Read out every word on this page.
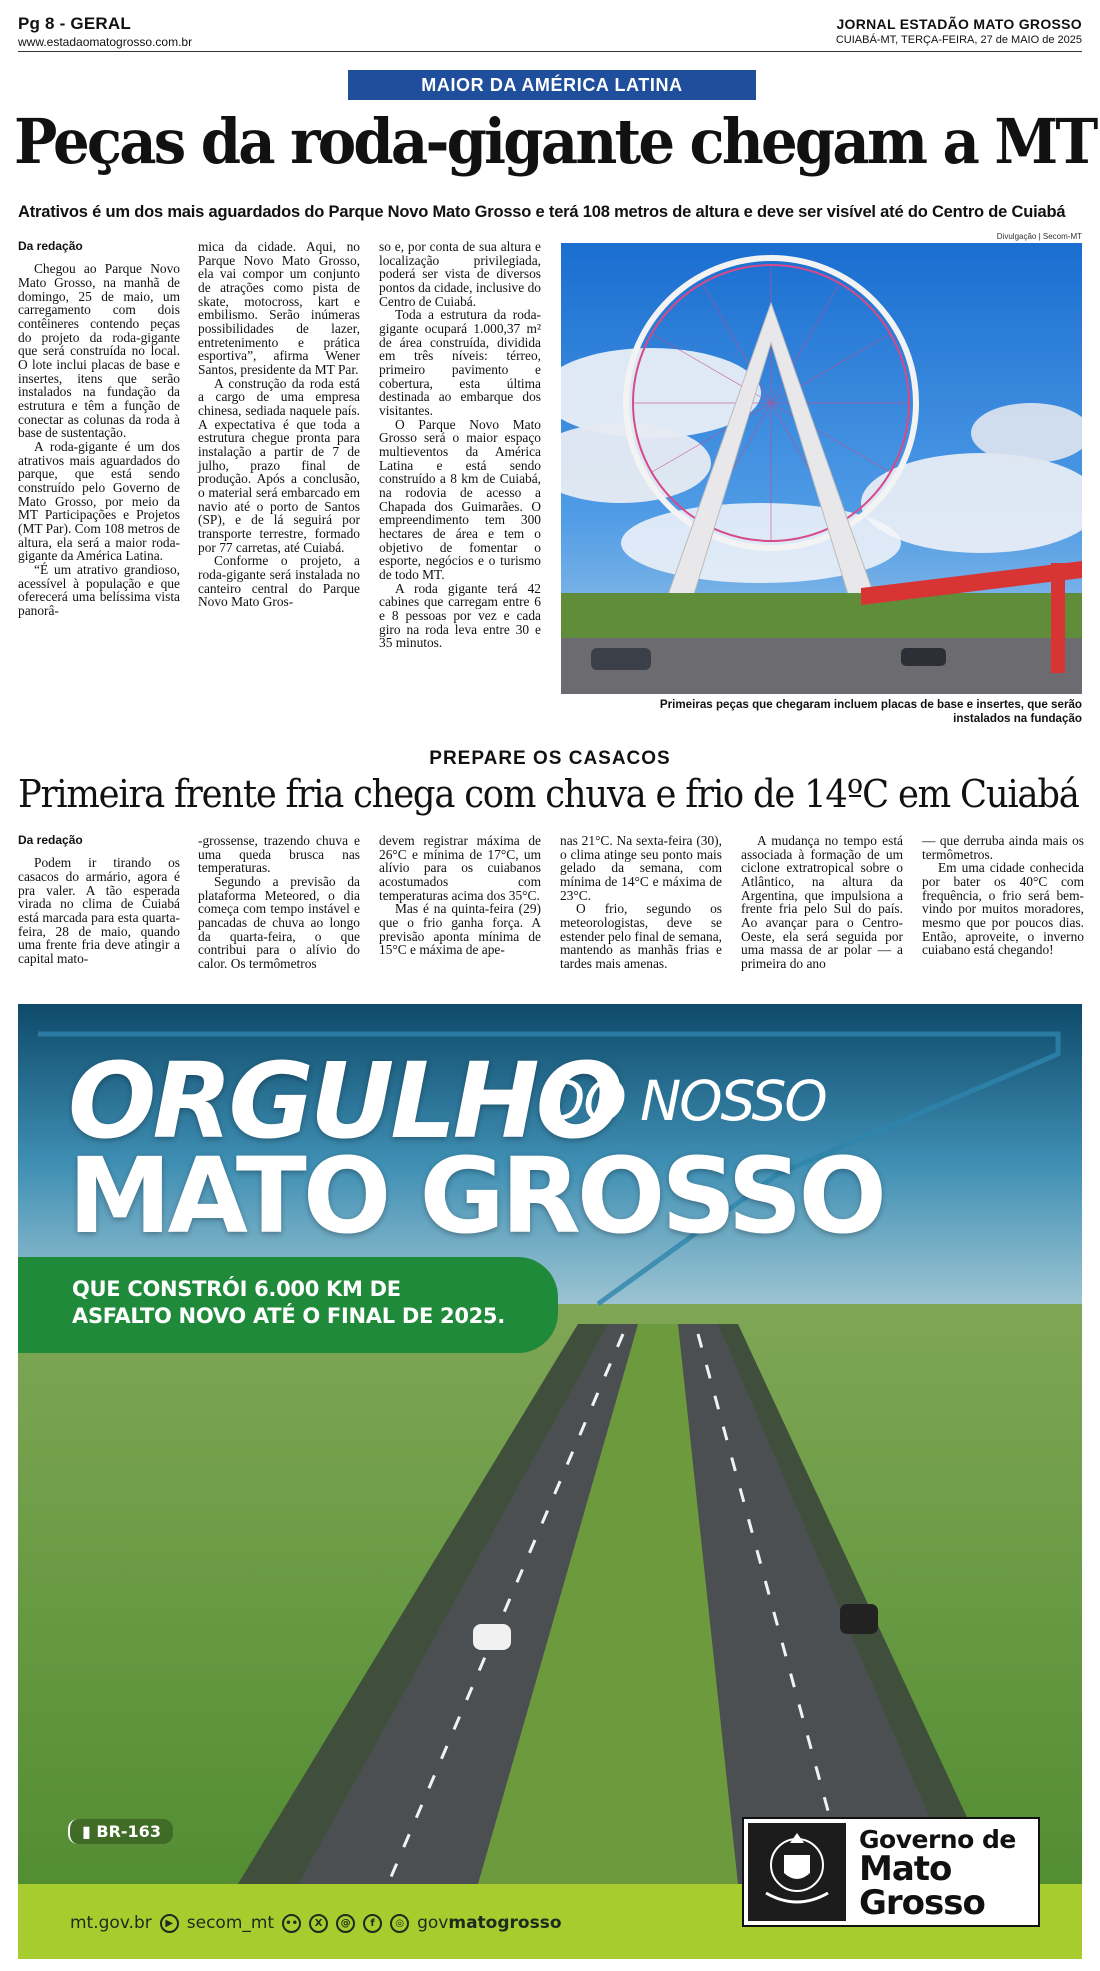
Pg 8 - GERAL
www.estadaomatogrosso.com.br
JORNAL ESTADÃO MATO GROSSO
CUIABÁ-MT, TERÇA-FEIRA, 27 de MAIO de 2025
MAIOR DA AMÉRICA LATINA
Peças da roda-gigante chegam a MT
Atrativos é um dos mais aguardados do Parque Novo Mato Grosso e terá 108 metros de altura e deve ser visível até do Centro de Cuiabá
Da redação

Chegou ao Parque Novo Mato Grosso, na manhã de domingo, 25 de maio, um carregamento com dois contêineres contendo peças do projeto da roda-gigante que será construída no local. O lote inclui placas de base e insertes, itens que serão instalados na fundação da estrutura e têm a função de conectar as colunas da roda à base de sustentação.

A roda-gigante é um dos atrativos mais aguardados do parque, que está sendo construído pelo Governo de Mato Grosso, por meio da MT Participações e Projetos (MT Par). Com 108 metros de altura, ela será a maior roda-gigante da América Latina.

“É um atrativo grandioso, acessível à população e que oferecerá uma belíssima vista panorâ-

mica da cidade. Aqui, no Parque Novo Mato Grosso, ela vai compor um conjunto de atrações como pista de skate, motocross, kart e embilismo. Serão inúmeras possibilidades de lazer, entretenimento e prática esportiva”, afirma Wener Santos, presidente da MT Par.

A construção da roda está a cargo de uma empresa chinesa, sediada naquele país. A expectativa é que toda a estrutura chegue pronta para instalação a partir de 7 de julho, prazo final de produção. Após a conclusão, o material será embarcado em navio até o porto de Santos (SP), e de lá seguirá por transporte terrestre, formado por 77 carretas, até Cuiabá.

Conforme o projeto, a roda-gigante será instalada no canteiro central do Parque Novo Mato Gros-

so e, por conta de sua altura e localização privilegiada, poderá ser vista de diversos pontos da cidade, inclusive do Centro de Cuiabá.

Toda a estrutura da roda-gigante ocupará 1.000,37 m² de área construída, dividida em três níveis: térreo, primeiro pavimento e cobertura, esta última destinada ao embarque dos visitantes.

O Parque Novo Mato Grosso será o maior espaço multieventos da América Latina e está sendo construído a 8 km de Cuiabá, na rodovia de acesso a Chapada dos Guimarães. O empreendimento tem 300 hectares de área e tem o objetivo de fomentar o esporte, negócios e o turismo de todo MT.

A roda gigante terá 42 cabines que carregam entre 6 e 8 pessoas por vez e cada giro na roda leva entre 30 e 35 minutos.

Divulgação | Secom-MT
Primeiras peças que chegaram incluem placas de base e insertes, que serão instalados na fundação
PREPARE OS CASACOS
Primeira frente fria chega com chuva e frio de 14ºC em Cuiabá
Da redação

Podem ir tirando os casacos do armário, agora é pra valer. A tão esperada virada no clima de Cuiabá está marcada para esta quarta-feira, 28 de maio, quando uma frente fria deve atingir a capital mato-

-grossense, trazendo chuva e uma queda brusca nas temperaturas.

Segundo a previsão da plataforma Meteored, o dia começa com tempo instável e pancadas de chuva ao longo da quarta-feira, o que contribui para o alívio do calor. Os termômetros

devem registrar máxima de 26°C e mínima de 17°C, um alívio para os cuiabanos acostumados com temperaturas acima dos 35°C.

Mas é na quinta-feira (29) que o frio ganha força. A previsão aponta mínima de 15°C e máxima de ape-

nas 21°C. Na sexta-feira (30), o clima atinge seu ponto mais gelado da semana, com mínima de 14°C e máxima de 23°C.

O frio, segundo os meteorologistas, deve se estender pelo final de semana, mantendo as manhãs frias e tardes mais amenas.

A mudança no tempo está associada à formação de um ciclone extratropical sobre o Atlântico, na altura da Argentina, que impulsiona a frente fria pelo Sul do país. Ao avançar para o Centro-Oeste, ela será seguida por uma massa de ar polar — a primeira do ano

— que derruba ainda mais os termômetros.

Em uma cidade conhecida por bater os 40°C com frequência, o frio será bem-vindo por muitos moradores, mesmo que por poucos dias. Então, aproveite, o inverno cuiabano está chegando!

ORGULHO
DO NOSSO
MATO GROSSO
QUE CONSTRÓI 6.000 KM DE
ASFALTO NOVO ATÉ O FINAL DE 2025.
▮ BR-163
mt.gov.br	▶ secom_mt	••	X	@	f	◎ govmatogrosso
Governo de
Mato
Grosso
